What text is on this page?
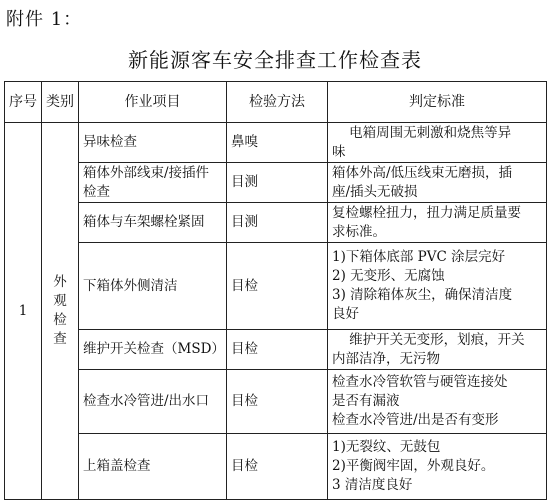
附件 1：
新能源客车安全排查工作检查表
序号	类别	作业项目	检验方法	判定标准
1	外观检查	异味检查	鼻嗅	电箱周围无刺激和烧焦等异
味

		箱体外部线束/接插件检查	目测	箱体外高/低压线束无磨损，插
座/插头无破损

		箱体与车架螺栓紧固	目测	复检螺栓扭力，扭力满足质量要
求标准。

		下箱体外侧清洁	目检	1)下箱体底部 PVC 涂层完好
2) 无变形、无腐蚀
3) 清除箱体灰尘，确保清洁度
良好

		维护开关检查（MSD）	目检	维护开关无变形，划痕，开关
内部洁净，无污物

		检查水冷管进/出水口	目检	检查水冷管软管与硬管连接处
是否有漏液
检查水冷管进/出是否有变形

		上箱盖检查	目检	1)无裂纹、无鼓包
2)平衡阀牢固，外观良好。
3 清洁度良好
